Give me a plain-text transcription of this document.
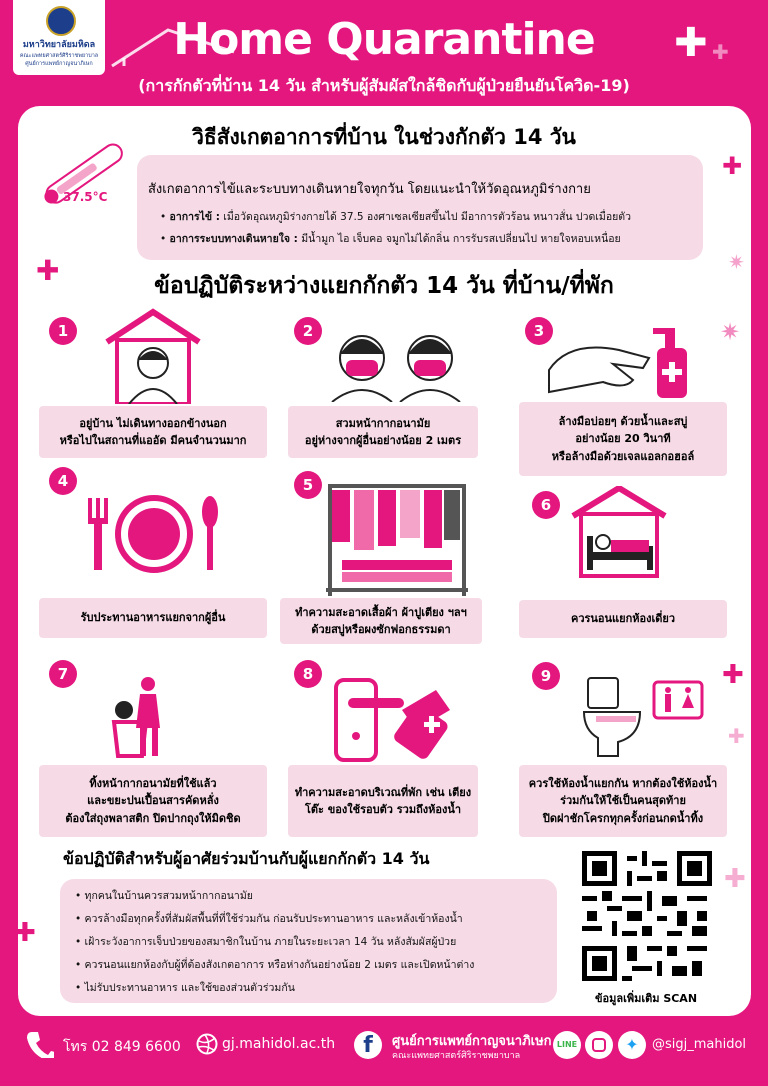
มหาวิทยาลัยมหิดล
คณะแพทยศาสตร์ศิริราชพยาบาล
ศูนย์การแพทย์กาญจนาภิเษก	Home Quarantine
(การกักตัวที่บ้าน 14 วัน สำหรับผู้สัมผัสใกล้ชิดกับผู้ป่วยยืนยันโควิด-19)
✚ ✚
วิธีสังเกตอาการที่บ้าน ในช่วงกักตัว 14 วัน
37.5°C	สังเกตอาการไข้และระบบทางเดินหายใจทุกวัน โดยแนะนำให้วัดอุณหภูมิร่างกาย
• อาการไข้ : เมื่อวัดอุณหภูมิร่างกายได้ 37.5 องศาเซลเซียสขึ้นไป มีอาการตัวร้อน หนาวสั่น ปวดเมื่อยตัว
• อาการระบบทางเดินหายใจ : มีน้ำมูก ไอ เจ็บคอ จมูกไม่ได้กลิ่น การรับรสเปลี่ยนไป หายใจหอบเหนื่อย
✚
✚
✷
✷
ข้อปฏิบัติระหว่างแยกกักตัว 14 วัน ที่บ้าน/ที่พัก
1
อยู่บ้าน ไม่เดินทางออกข้างนอก
หรือไปในสถานที่แออัด มีคนจำนวนมาก
2
สวมหน้ากากอนามัย
อยู่ห่างจากผู้อื่นอย่างน้อย 2 เมตร
3
ล้างมือบ่อยๆ ด้วยน้ำและสบู่
อย่างน้อย 20 วินาที
หรือล้างมือด้วยเจลแอลกอฮอล์
4
รับประทานอาหารแยกจากผู้อื่น
5
ทำความสะอาดเสื้อผ้า ผ้าปูเตียง ฯลฯ
ด้วยสบู่หรือผงซักฟอกธรรมดา
6
ควรนอนแยกห้องเดี่ยว
7
ทิ้งหน้ากากอนามัยที่ใช้แล้ว
และขยะปนเปื้อนสารคัดหลั่ง
ต้องใส่ถุงพลาสติก ปิดปากถุงให้มิดชิด
8
ทำความสะอาดบริเวณที่พัก เช่น เตียง
โต๊ะ ของใช้รอบตัว รวมถึงห้องน้ำ
9
ควรใช้ห้องน้ำแยกกัน หากต้องใช้ห้องน้ำ
ร่วมกันให้ใช้เป็นคนสุดท้าย
ปิดฝาชักโครกทุกครั้งก่อนกดน้ำทิ้ง
✚
✚
✚
✚
ข้อปฏิบัติสำหรับผู้อาศัยร่วมบ้านกับผู้แยกกักตัว 14 วัน
• ทุกคนในบ้านควรสวมหน้ากากอนามัย
• ควรล้างมือทุกครั้งที่สัมผัสพื้นที่ที่ใช้ร่วมกัน ก่อนรับประทานอาหาร และหลังเข้าห้องน้ำ
• เฝ้าระวังอาการเจ็บป่วยของสมาชิกในบ้าน ภายในระยะเวลา 14 วัน หลังสัมผัสผู้ป่วย
• ควรนอนแยกห้องกับผู้ที่ต้องสังเกตอาการ หรือห่างกันอย่างน้อย 2 เมตร และเปิดหน้าต่าง
• ไม่รับประทานอาหาร และใช้ของส่วนตัวร่วมกัน
ข้อมูลเพิ่มเติม SCAN
โทร 02 849 6600	gj.mahidol.ac.th	f	ศูนย์การแพทย์กาญจนาภิเษก
คณะแพทยศาสตร์ศิริราชพยาบาล
LINE	✦	@sigj_mahidol
